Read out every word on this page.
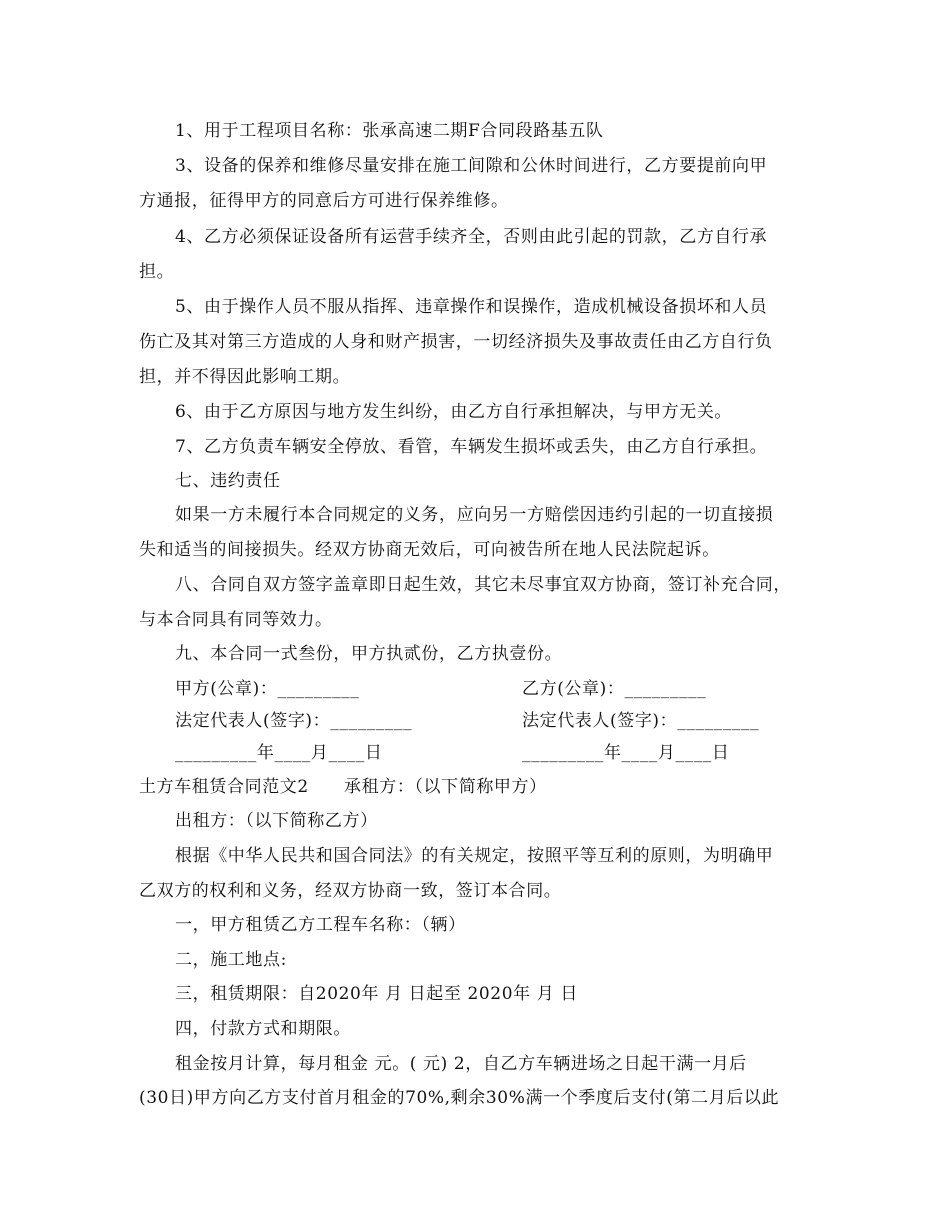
1、用于工程项目名称：张承高速二期F合同段路基五队
3、设备的保养和维修尽量安排在施工间隙和公休时间进行，乙方要提前向甲
方通报，征得甲方的同意后方可进行保养维修。
4、乙方必须保证设备所有运营手续齐全，否则由此引起的罚款，乙方自行承
担。
5、由于操作人员不服从指挥、违章操作和误操作，造成机械设备损坏和人员
伤亡及其对第三方造成的人身和财产损害，一切经济损失及事故责任由乙方自行负
担，并不得因此影响工期。
6、由于乙方原因与地方发生纠纷，由乙方自行承担解决，与甲方无关。
7、乙方负责车辆安全停放、看管，车辆发生损坏或丢失，由乙方自行承担。
七、违约责任
如果一方未履行本合同规定的义务，应向另一方赔偿因违约引起的一切直接损
失和适当的间接损失。经双方协商无效后，可向被告所在地人民法院起诉。
八、合同自双方签字盖章即日起生效，其它未尽事宜双方协商，签订补充合同，
与本合同具有同等效力。
九、本合同一式叁份，甲方执贰份，乙方执壹份。
甲方(公章)：_________	乙方(公章)：_________
法定代表人(签字)：_________	法定代表人(签字)：_________
_________年____月____日	_________年____月____日
土方车租赁合同范文2　　承租方：（以下简称甲方）
出租方：（以下简称乙方）
根据《中华人民共和国合同法》的有关规定，按照平等互利的原则，为明确甲
乙双方的权利和义务，经双方协商一致，签订本合同。
一，甲方租赁乙方工程车名称：（辆）
二，施工地点:
三，租赁期限：自2020年 月 日起至 2020年 月 日
四，付款方式和期限。
租金按月计算，每月租金 元。( 元) 2，自乙方车辆进场之日起干满一月后
(30日)甲方向乙方支付首月租金的70%,剩余30%满一个季度后支付(第二月后以此
